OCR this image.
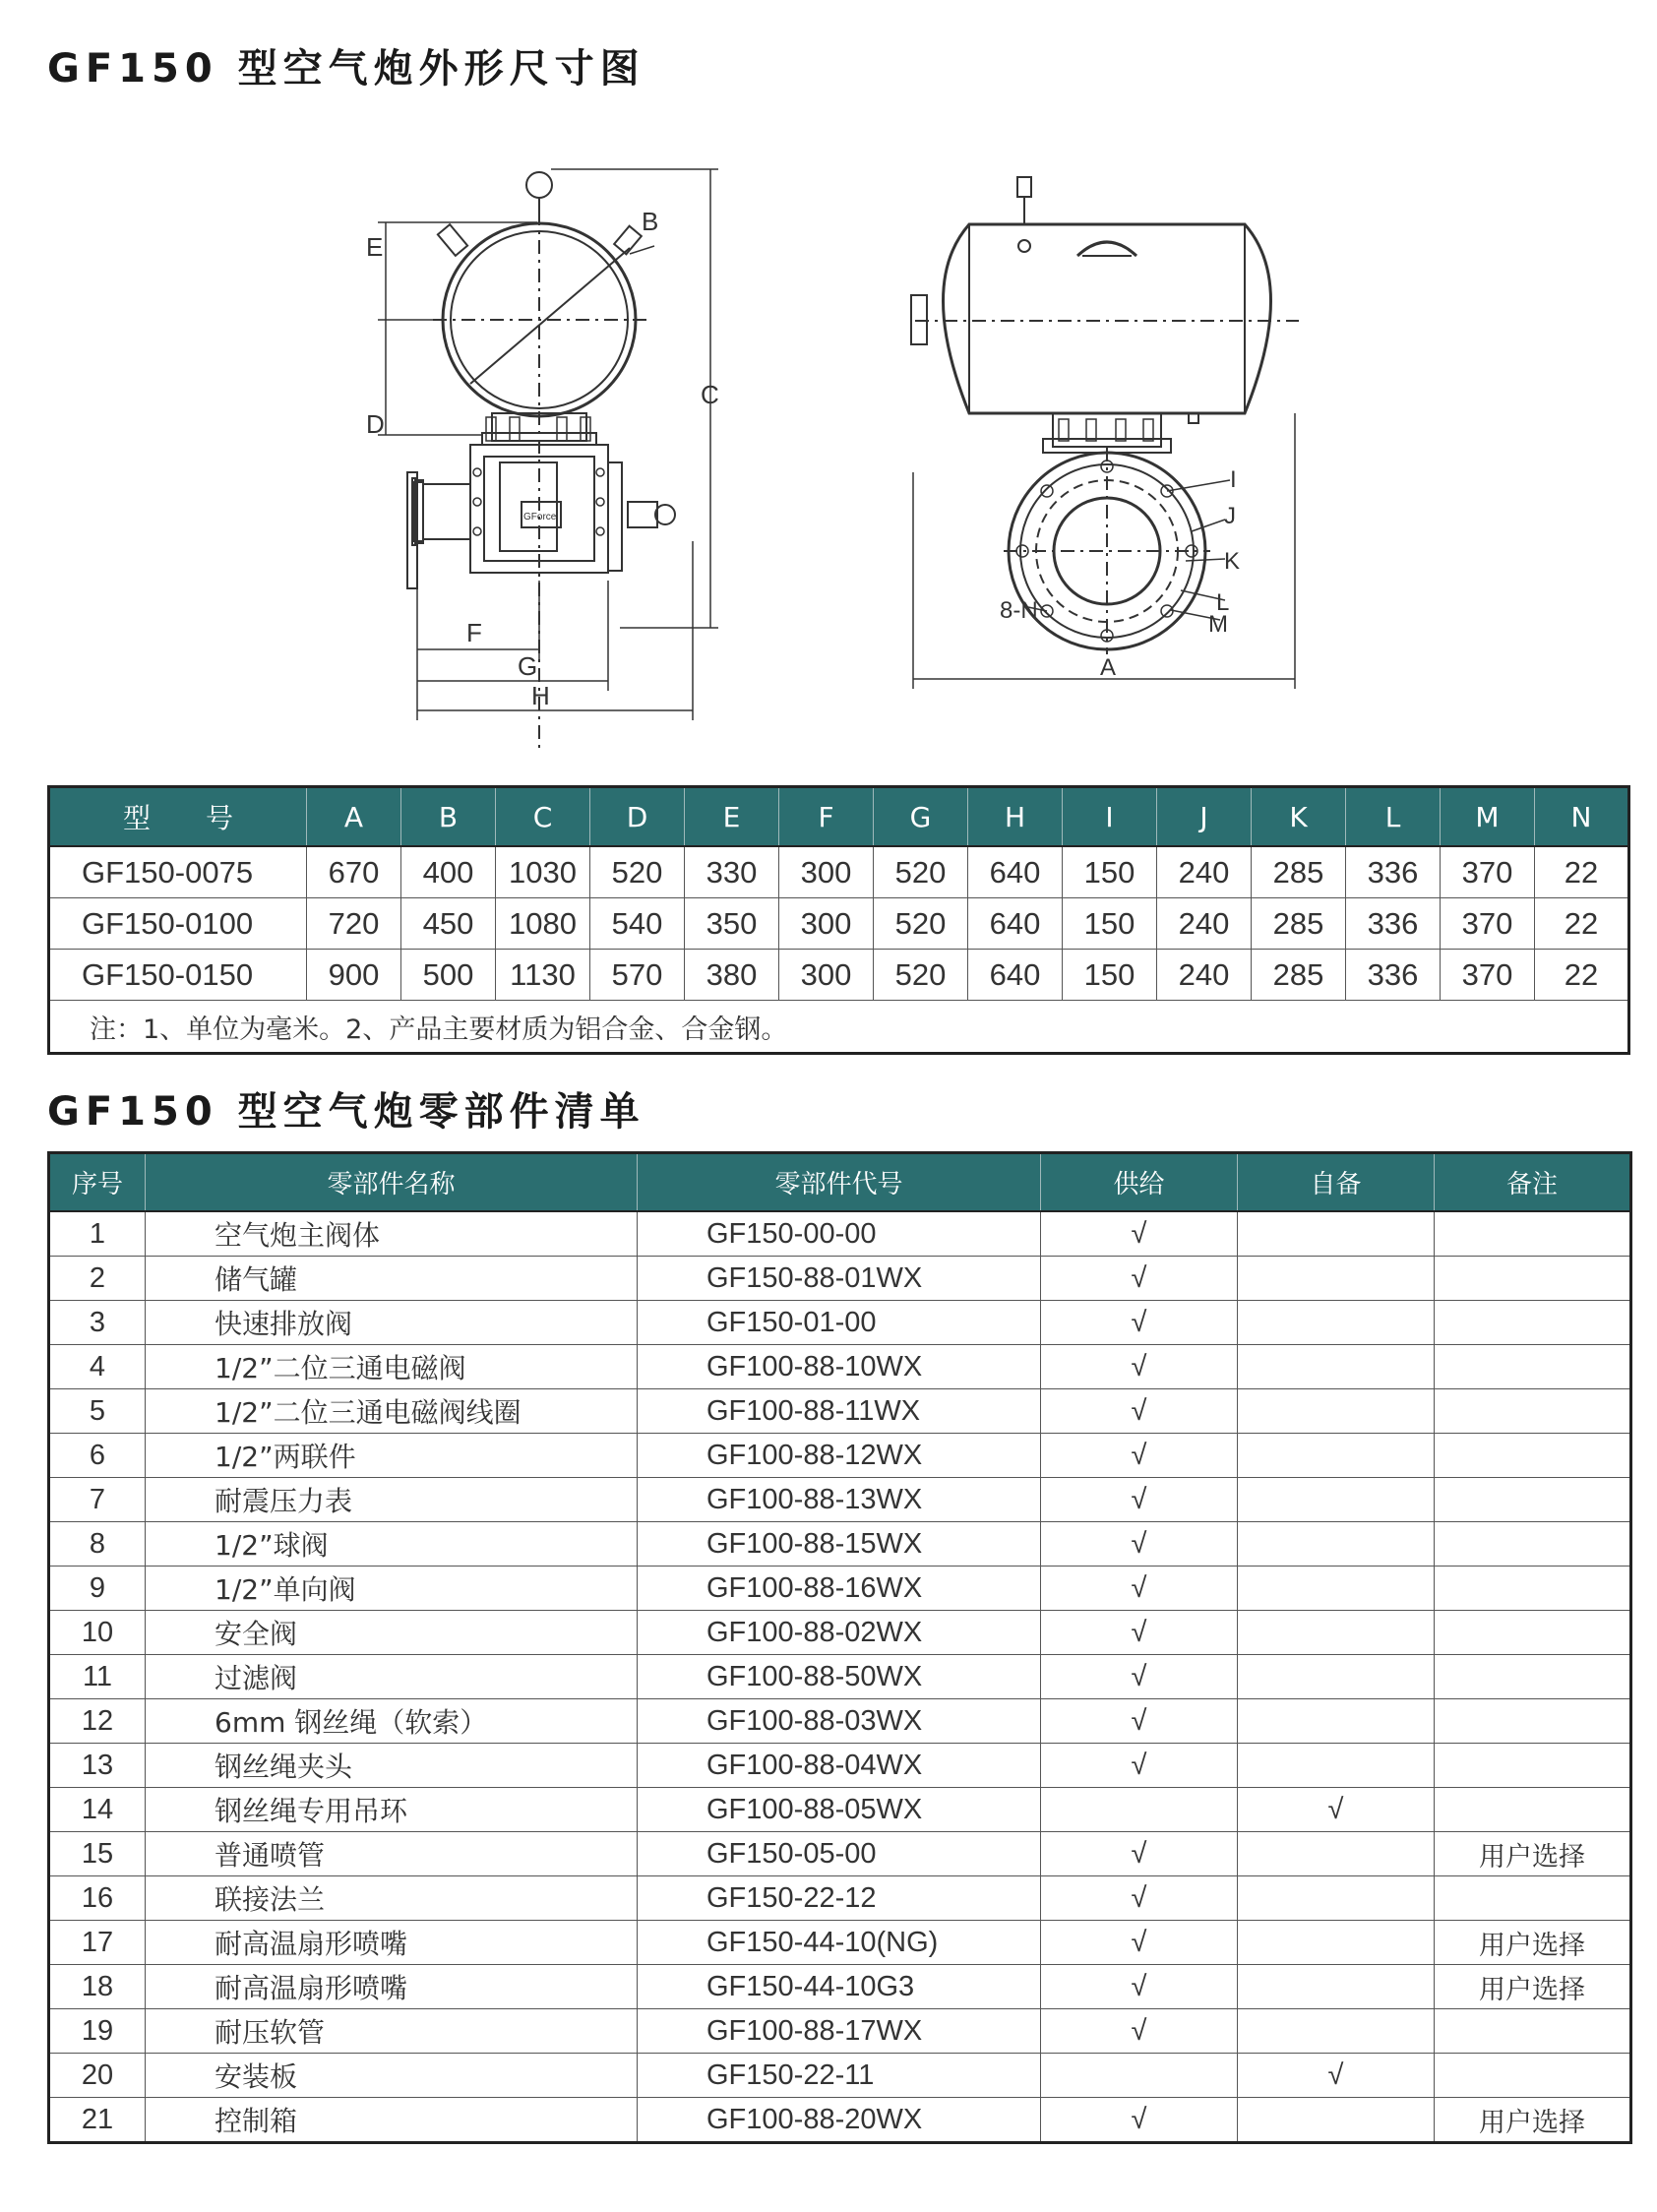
GF150 型空气炮外形尺寸图
GForce
E
B
C
D
F
G
H
I
J
K
L
M
8-N
A
型　　号	A	B	C	D	E	F	G	H	I	J	K	L	M	N
GF150-0075	670	400	1030	520	330	300	520	640	150	240	285	336	370	22
GF150-0100	720	450	1080	540	350	300	520	640	150	240	285	336	370	22
GF150-0150	900	500	1130	570	380	300	520	640	150	240	285	336	370	22
注：1、单位为毫米。2、产品主要材质为铝合金、合金钢。														
GF150 型空气炮零部件清单
序号	零部件名称	零部件代号	供给	自备	备注
1	空气炮主阀体	GF150-00-00	√		
2	储气罐	GF150-88-01WX	√		
3	快速排放阀	GF150-01-00	√		
4	1/2”二位三通电磁阀	GF100-88-10WX	√		
5	1/2”二位三通电磁阀线圈	GF100-88-11WX	√		
6	1/2”两联件	GF100-88-12WX	√		
7	耐震压力表	GF100-88-13WX	√		
8	1/2”球阀	GF100-88-15WX	√		
9	1/2”单向阀	GF100-88-16WX	√		
10	安全阀	GF100-88-02WX	√		
11	过滤阀	GF100-88-50WX	√		
12	6mm 钢丝绳（软索）	GF100-88-03WX	√		
13	钢丝绳夹头	GF100-88-04WX	√		
14	钢丝绳专用吊环	GF100-88-05WX		√	
15	普通喷管	GF150-05-00	√		用户选择
16	联接法兰	GF150-22-12	√		
17	耐高温扇形喷嘴	GF150-44-10(NG)	√		用户选择
18	耐高温扇形喷嘴	GF150-44-10G3	√		用户选择
19	耐压软管	GF100-88-17WX	√		
20	安装板	GF150-22-11		√	
21	控制箱	GF100-88-20WX	√		用户选择
